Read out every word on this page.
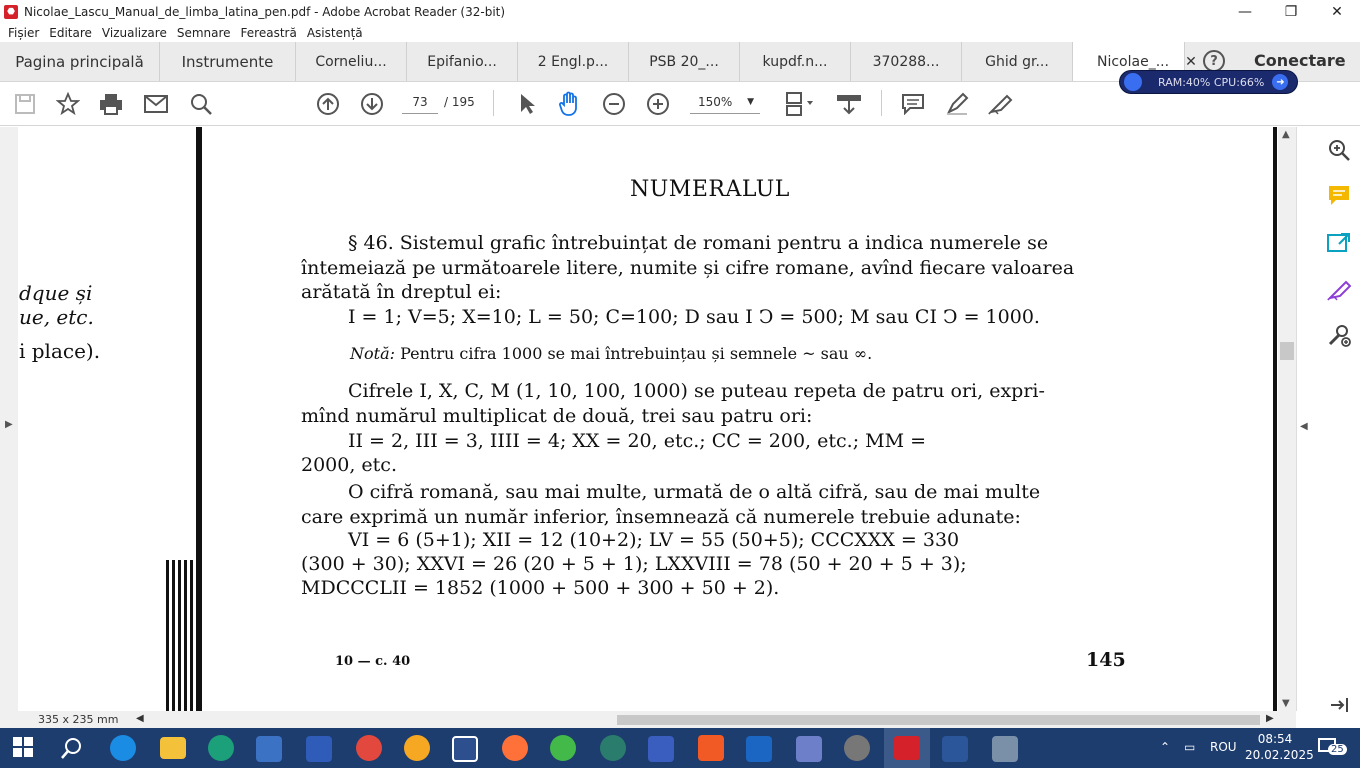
⬣ Nicolae_Lascu_Manual_de_limba_latina_pen.pdf - Adobe Acrobat Reader (32-bit)	—	❐	✕
Fișier Editare Vizualizare Semnare Fereastră Asistență
Pagina principală	Instrumente	Corneliu...	Epifanio...	2 Engl.p...	PSB 20_...	kupdf.n...	370288...	Ghid gr...	Nicolae_... ✕	?	Conectare
73	/ 195	150% ▼
RAM:40% CPU:66%	➜
▶
dque și
ue, etc.
i place).
NUMERALUL
§ 46. Sistemul grafic întrebuințat de romani pentru a indica numerele se
întemeiază pe următoarele litere, numite și cifre romane, avînd fiecare valoarea
arătată în dreptul ei:
I = 1; V=5; X=10; L = 50; C=100; D sau I Ↄ = 500; M sau CI Ↄ = 1000.
Notă: Pentru cifra 1000 se mai întrebuințau și semnele ~ sau ∞.
Cifrele I, X, C, M (1, 10, 100, 1000) se puteau repeta de patru ori, expri-
mînd numărul multiplicat de două, trei sau patru ori:
II = 2, III = 3, IIII = 4; XX = 20, etc.; CC = 200, etc.; MM =
2000, etc.
O cifră romană, sau mai multe, urmată de o altă cifră, sau de mai multe
care exprimă un număr inferior, însemnează că numerele trebuie adunate:
VI = 6 (5+1); XII = 12 (10+2); LV = 55 (50+5); CCCXXX = 330
(300 + 30); XXVI = 26 (20 + 5 + 1); LXXVIII = 78 (50 + 20 + 5 + 3);
MDCCCLII = 1852 (1000 + 500 + 300 + 50 + 2).
10 — c. 40	145
▲
▼
◀
335 x 235 mm ◀	▶
⌃ ▭ ROU
08:54
20.02.2025	25
